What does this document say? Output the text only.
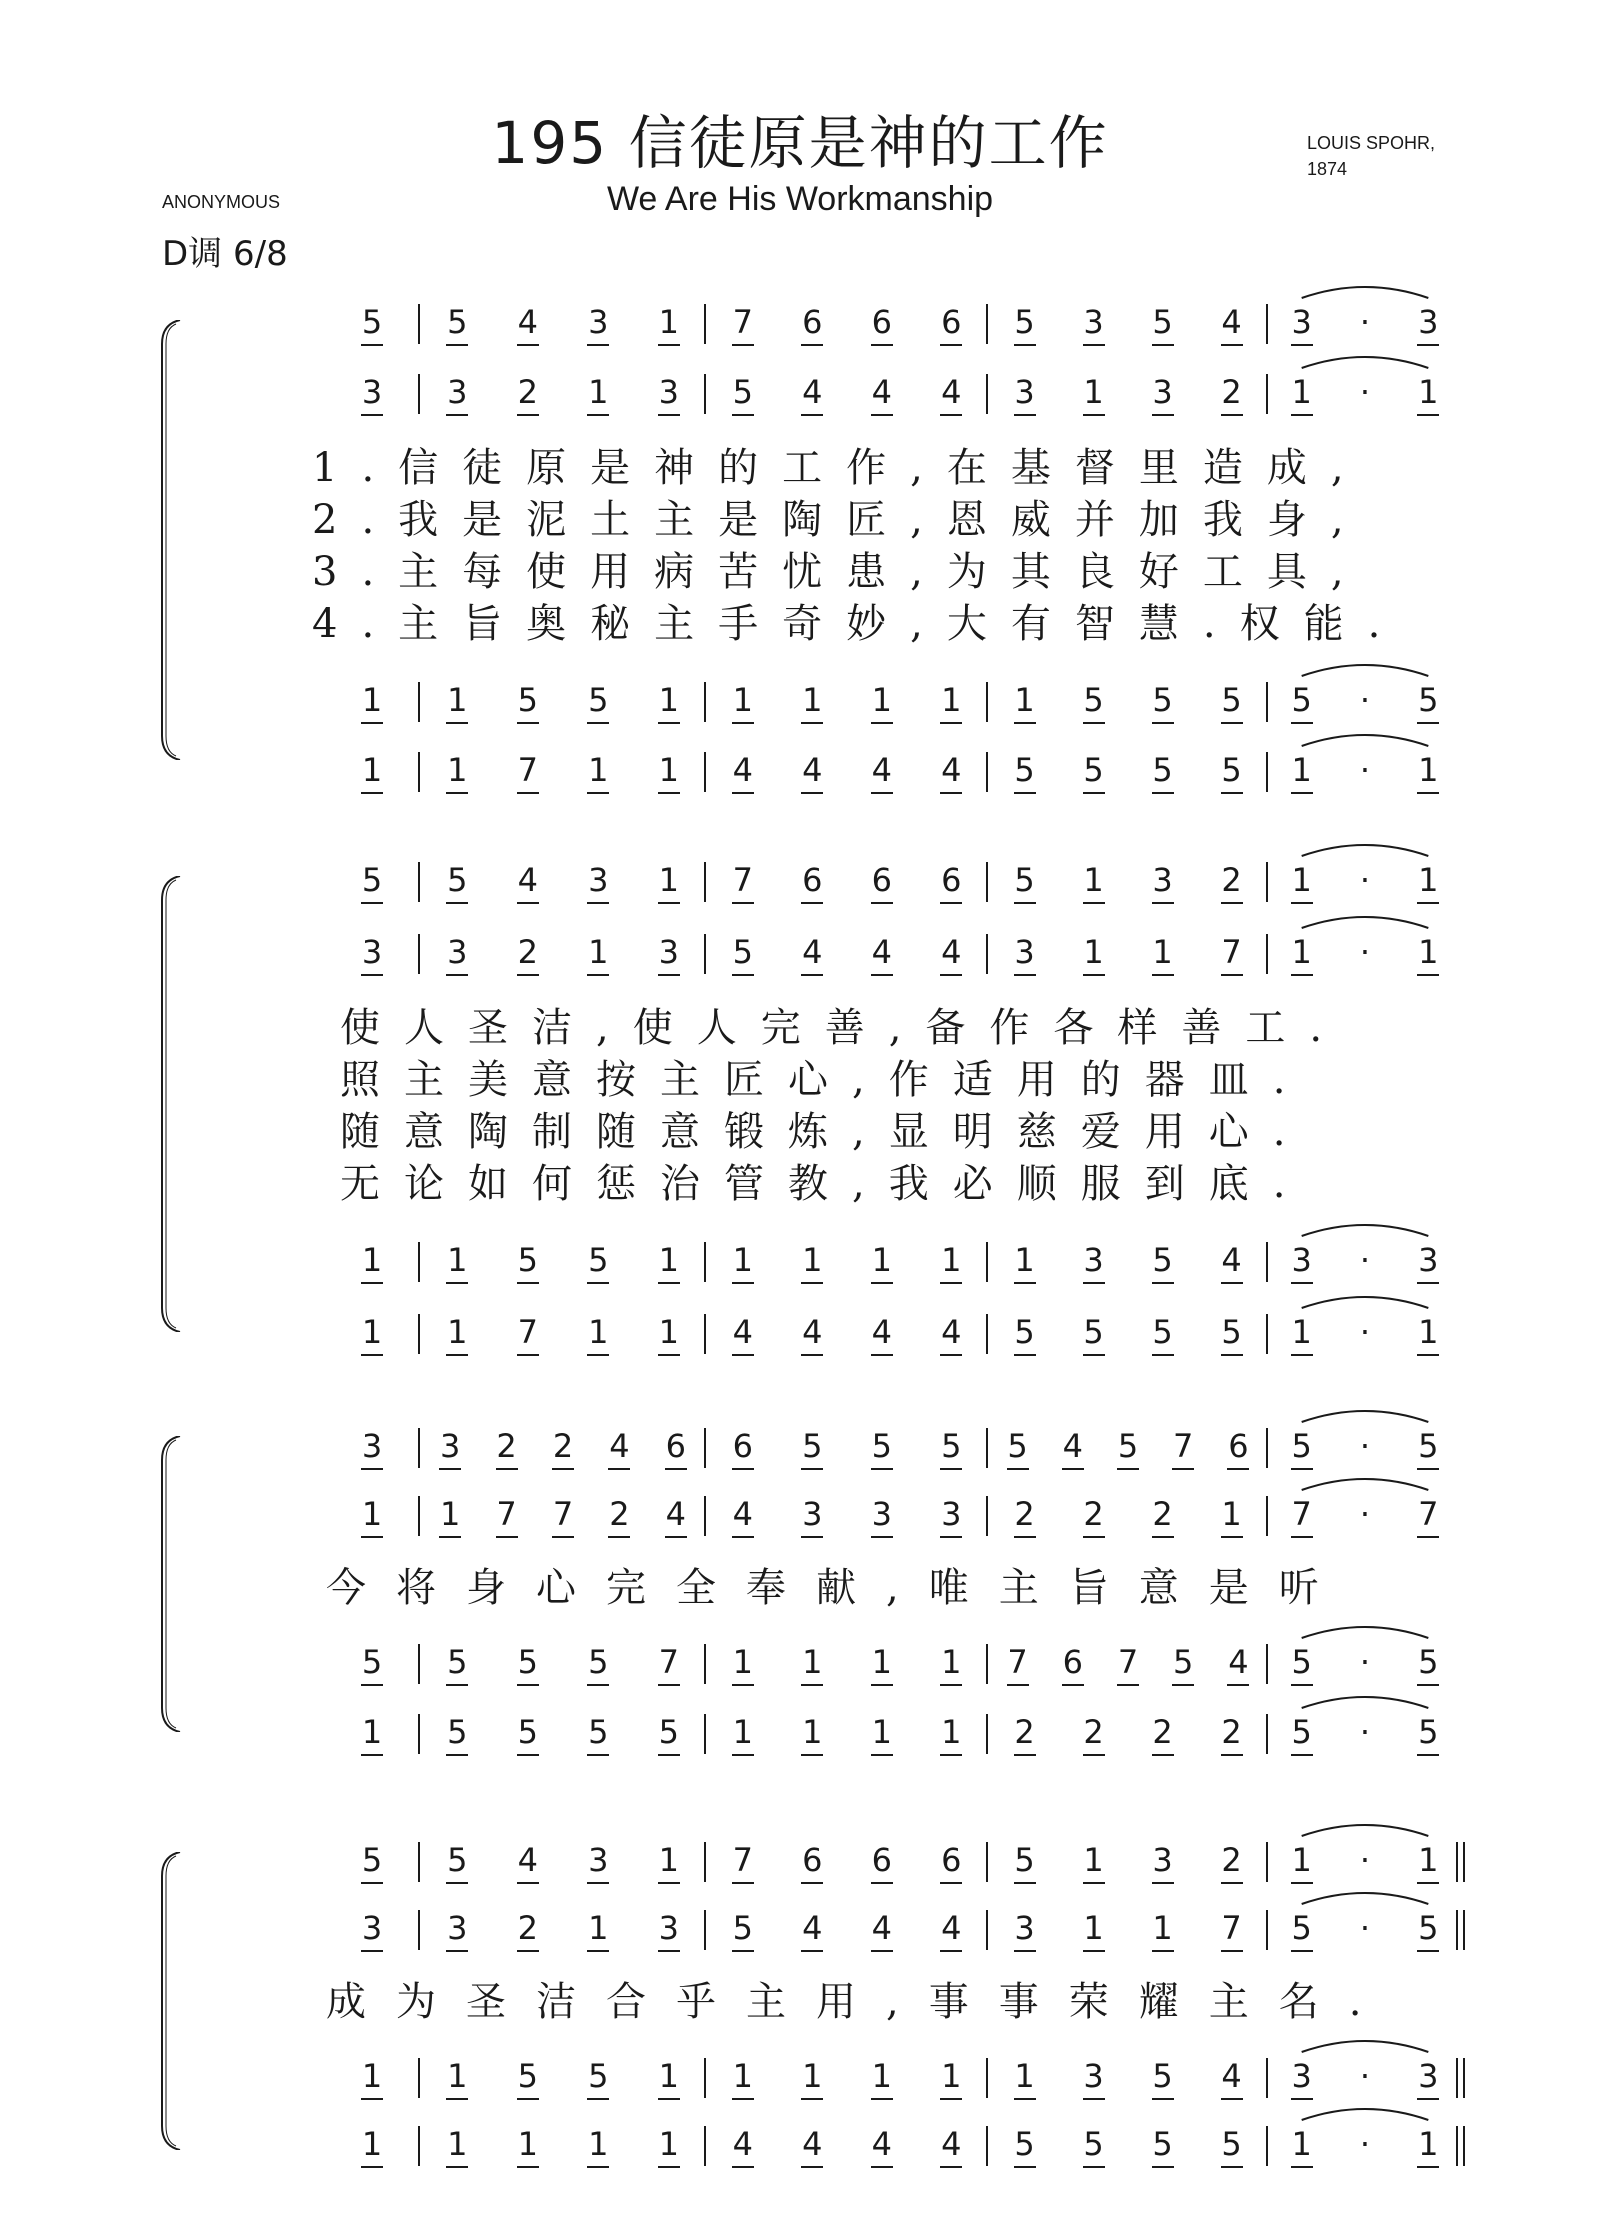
195 信徒原是神的工作
We Are His Workmanship
LOUIS SPOHR,
1874
ANONYMOUS
D调 6/8
5	5	4	3	1	7	6	6	6	5	3	5	4	3	·	3
3	3	2	1	3	5	4	4	4	3	1	3	2	1	·	1
1	1	5	5	1	1	1	1	1	1	5	5	5	5	·	5
1	1	7	1	1	4	4	4	4	5	5	5	5	1	·	1
1.信徒原是神的工作,在基督里造成,
2.我是泥土主是陶匠,恩威并加我身,
3.主每使用病苦忧患,为其良好工具,
4.主旨奥秘主手奇妙,大有智慧.权能.
5	5	4	3	1	7	6	6	6	5	1	3	2	1	·	1
3	3	2	1	3	5	4	4	4	3	1	1	7	1	·	1
1	1	5	5	1	1	1	1	1	1	3	5	4	3	·	3
1	1	7	1	1	4	4	4	4	5	5	5	5	1	·	1
使人圣洁,使人完善,备作各样善工.
照主美意按主匠心,作适用的器皿.
随意陶制随意锻炼,显明慈爱用心.
无论如何惩治管教,我必顺服到底.
3	3	2	2	4	6	6	5	5	5	5	4	5	7	6	5	·	5
1	1	7	7	2	4	4	3	3	3	2	2	2	1	7	·	7
5	5	5	5	7	1	1	1	1	7	6	7	5	4	5	·	5
1	5	5	5	5	1	1	1	1	2	2	2	2	5	·	5
今将身心完全奉献,唯主旨意是听
5	5	4	3	1	7	6	6	6	5	1	3	2	1	·	1
3	3	2	1	3	5	4	4	4	3	1	1	7	5	·	5
1	1	5	5	1	1	1	1	1	1	3	5	4	3	·	3
1	1	1	1	1	4	4	4	4	5	5	5	5	1	·	1
成为圣洁合乎主用,事事荣耀主名.
